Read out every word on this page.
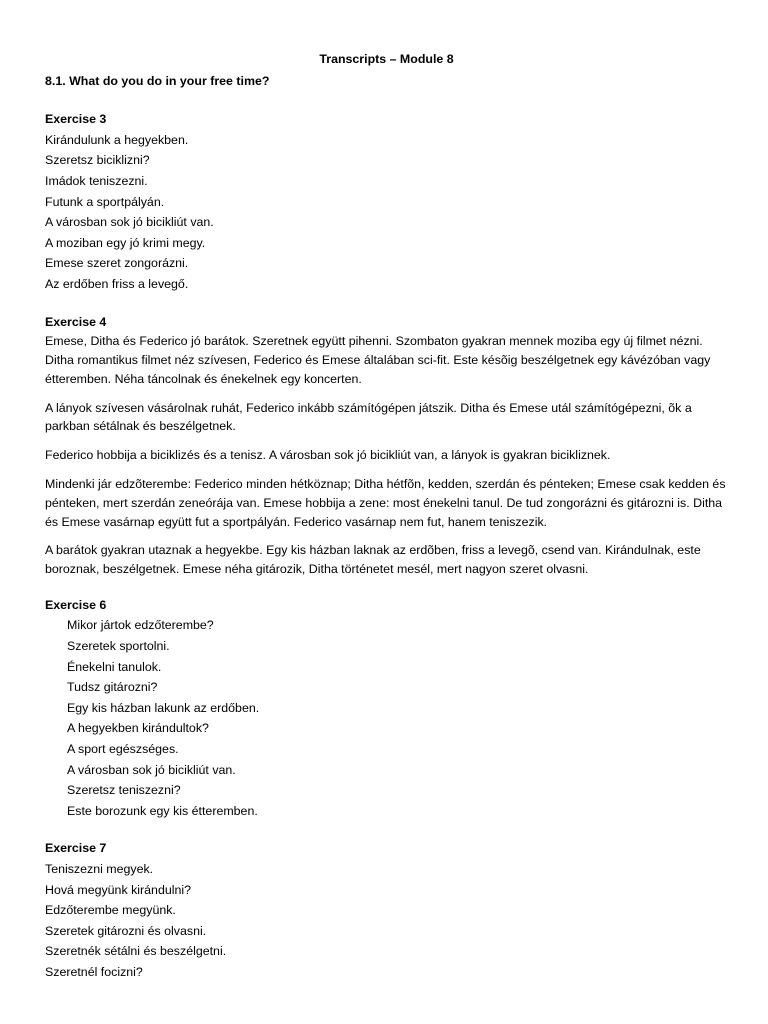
Transcripts – Module 8
8.1. What do you do in your free time?
Exercise 3
Kirándulunk a hegyekben.
Szeretsz biciklizni?
Imádok teniszezni.
Futunk a sportpályán.
A városban sok jó bicikliút van.
A moziban egy jó krimi megy.
Emese szeret zongorázni.
Az erdőben friss a levegő.
Exercise 4

Emese, Ditha és Federico jó barátok. Szeretnek együtt pihenni. Szombaton gyakran mennek moziba egy új filmet nézni. Ditha romantikus filmet néz szívesen, Federico és Emese általában sci-fit. Este késõig beszélgetnek egy kávézóban vagy étteremben. Néha táncolnak és énekelnek egy koncerten.

A lányok szívesen vásárolnak ruhát, Federico inkább számítógépen játszik. Ditha és Emese utál számítógépezni, õk a parkban sétálnak és beszélgetnek.

Federico hobbija a biciklizés és a tenisz. A városban sok jó bicikliút van, a lányok is gyakran bicikliznek.

Mindenki jár edzõterembe: Federico minden hétköznap; Ditha hétfõn, kedden, szerdán és pénteken; Emese csak kedden és pénteken, mert szerdán zeneórája van. Emese hobbija a zene: most énekelni tanul. De tud zongorázni és gitározni is. Ditha és Emese vasárnap együtt fut a sportpályán. Federico vasárnap nem fut, hanem teniszezik.

A barátok gyakran utaznak a hegyekbe. Egy kis házban laknak az erdõben, friss a levegõ, csend van. Kirándulnak, este boroznak, beszélgetnek. Emese néha gitározik, Ditha történetet mesél, mert nagyon szeret olvasni.

Exercise 6
Mikor jártok edzőterembe?
Szeretek sportolni.
Énekelni tanulok.
Tudsz gitározni?
Egy kis házban lakunk az erdőben.
A hegyekben kirándultok?
A sport egészséges.
A városban sok jó bicikliút van.
Szeretsz teniszezni?
Este borozunk egy kis étteremben.
Exercise 7
Teniszezni megyek.
Hová megyünk kirándulni?
Edzőterembe megyünk.
Szeretek gitározni és olvasni.
Szeretnék sétálni és beszélgetni.
Szeretnél focizni?
